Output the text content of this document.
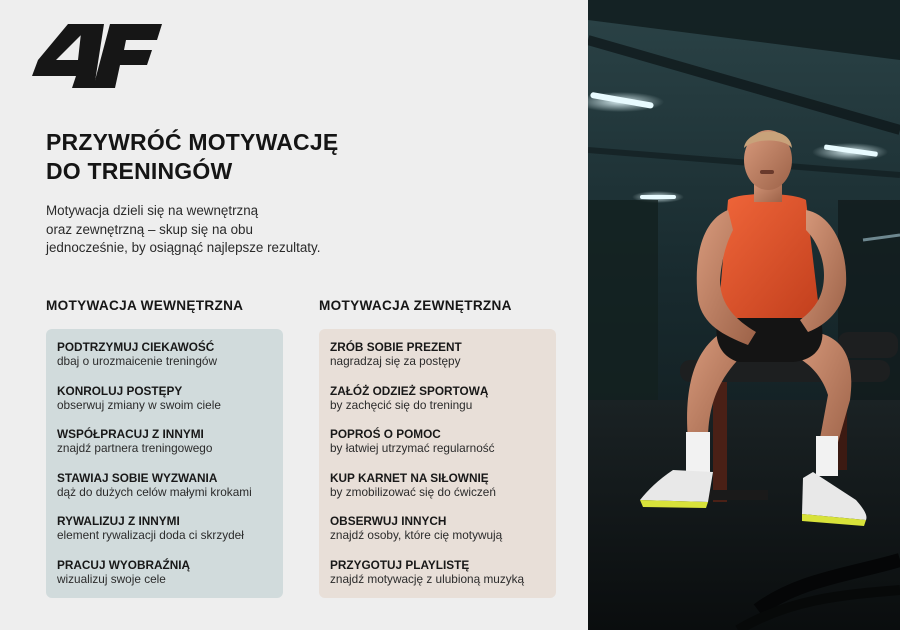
PRZYWRÓĆ MOTYWACJĘ
DO TRENINGÓW

Motywacja dzieli się na wewnętrzną
oraz zewnętrzną – skup się na obu
jednocześnie, by osiągnąć najlepsze rezultaty.

MOTYWACJA WEWNĘTRZNA	MOTYWACJA ZEWNĘTRZNA
PODTRZYMUJ CIEKAWOŚĆ
dbaj o urozmaicenie treningów
KONROLUJ POSTĘPY
obserwuj zmiany w swoim ciele
WSPÓŁPRACUJ Z INNYMI
znajdź partnera treningowego
STAWIAJ SOBIE WYZWANIA
dąż do dużych celów małymi krokami
RYWALIZUJ Z INNYMI
element rywalizacji doda ci skrzydeł
PRACUJ WYOBRAŹNIĄ
wizualizuj swoje cele
ZRÓB SOBIE PREZENT
nagradzaj się za postępy
ZAŁÓŻ ODZIEŻ SPORTOWĄ
by zachęcić się do treningu
POPROŚ O POMOC
by łatwiej utrzymać regularność
KUP KARNET NA SIŁOWNIĘ
by zmobilizować się do ćwiczeń
OBSERWUJ INNYCH
znajdź osoby, które cię motywują
PRZYGOTUJ PLAYLISTĘ
znajdź motywację z ulubioną muzyką
